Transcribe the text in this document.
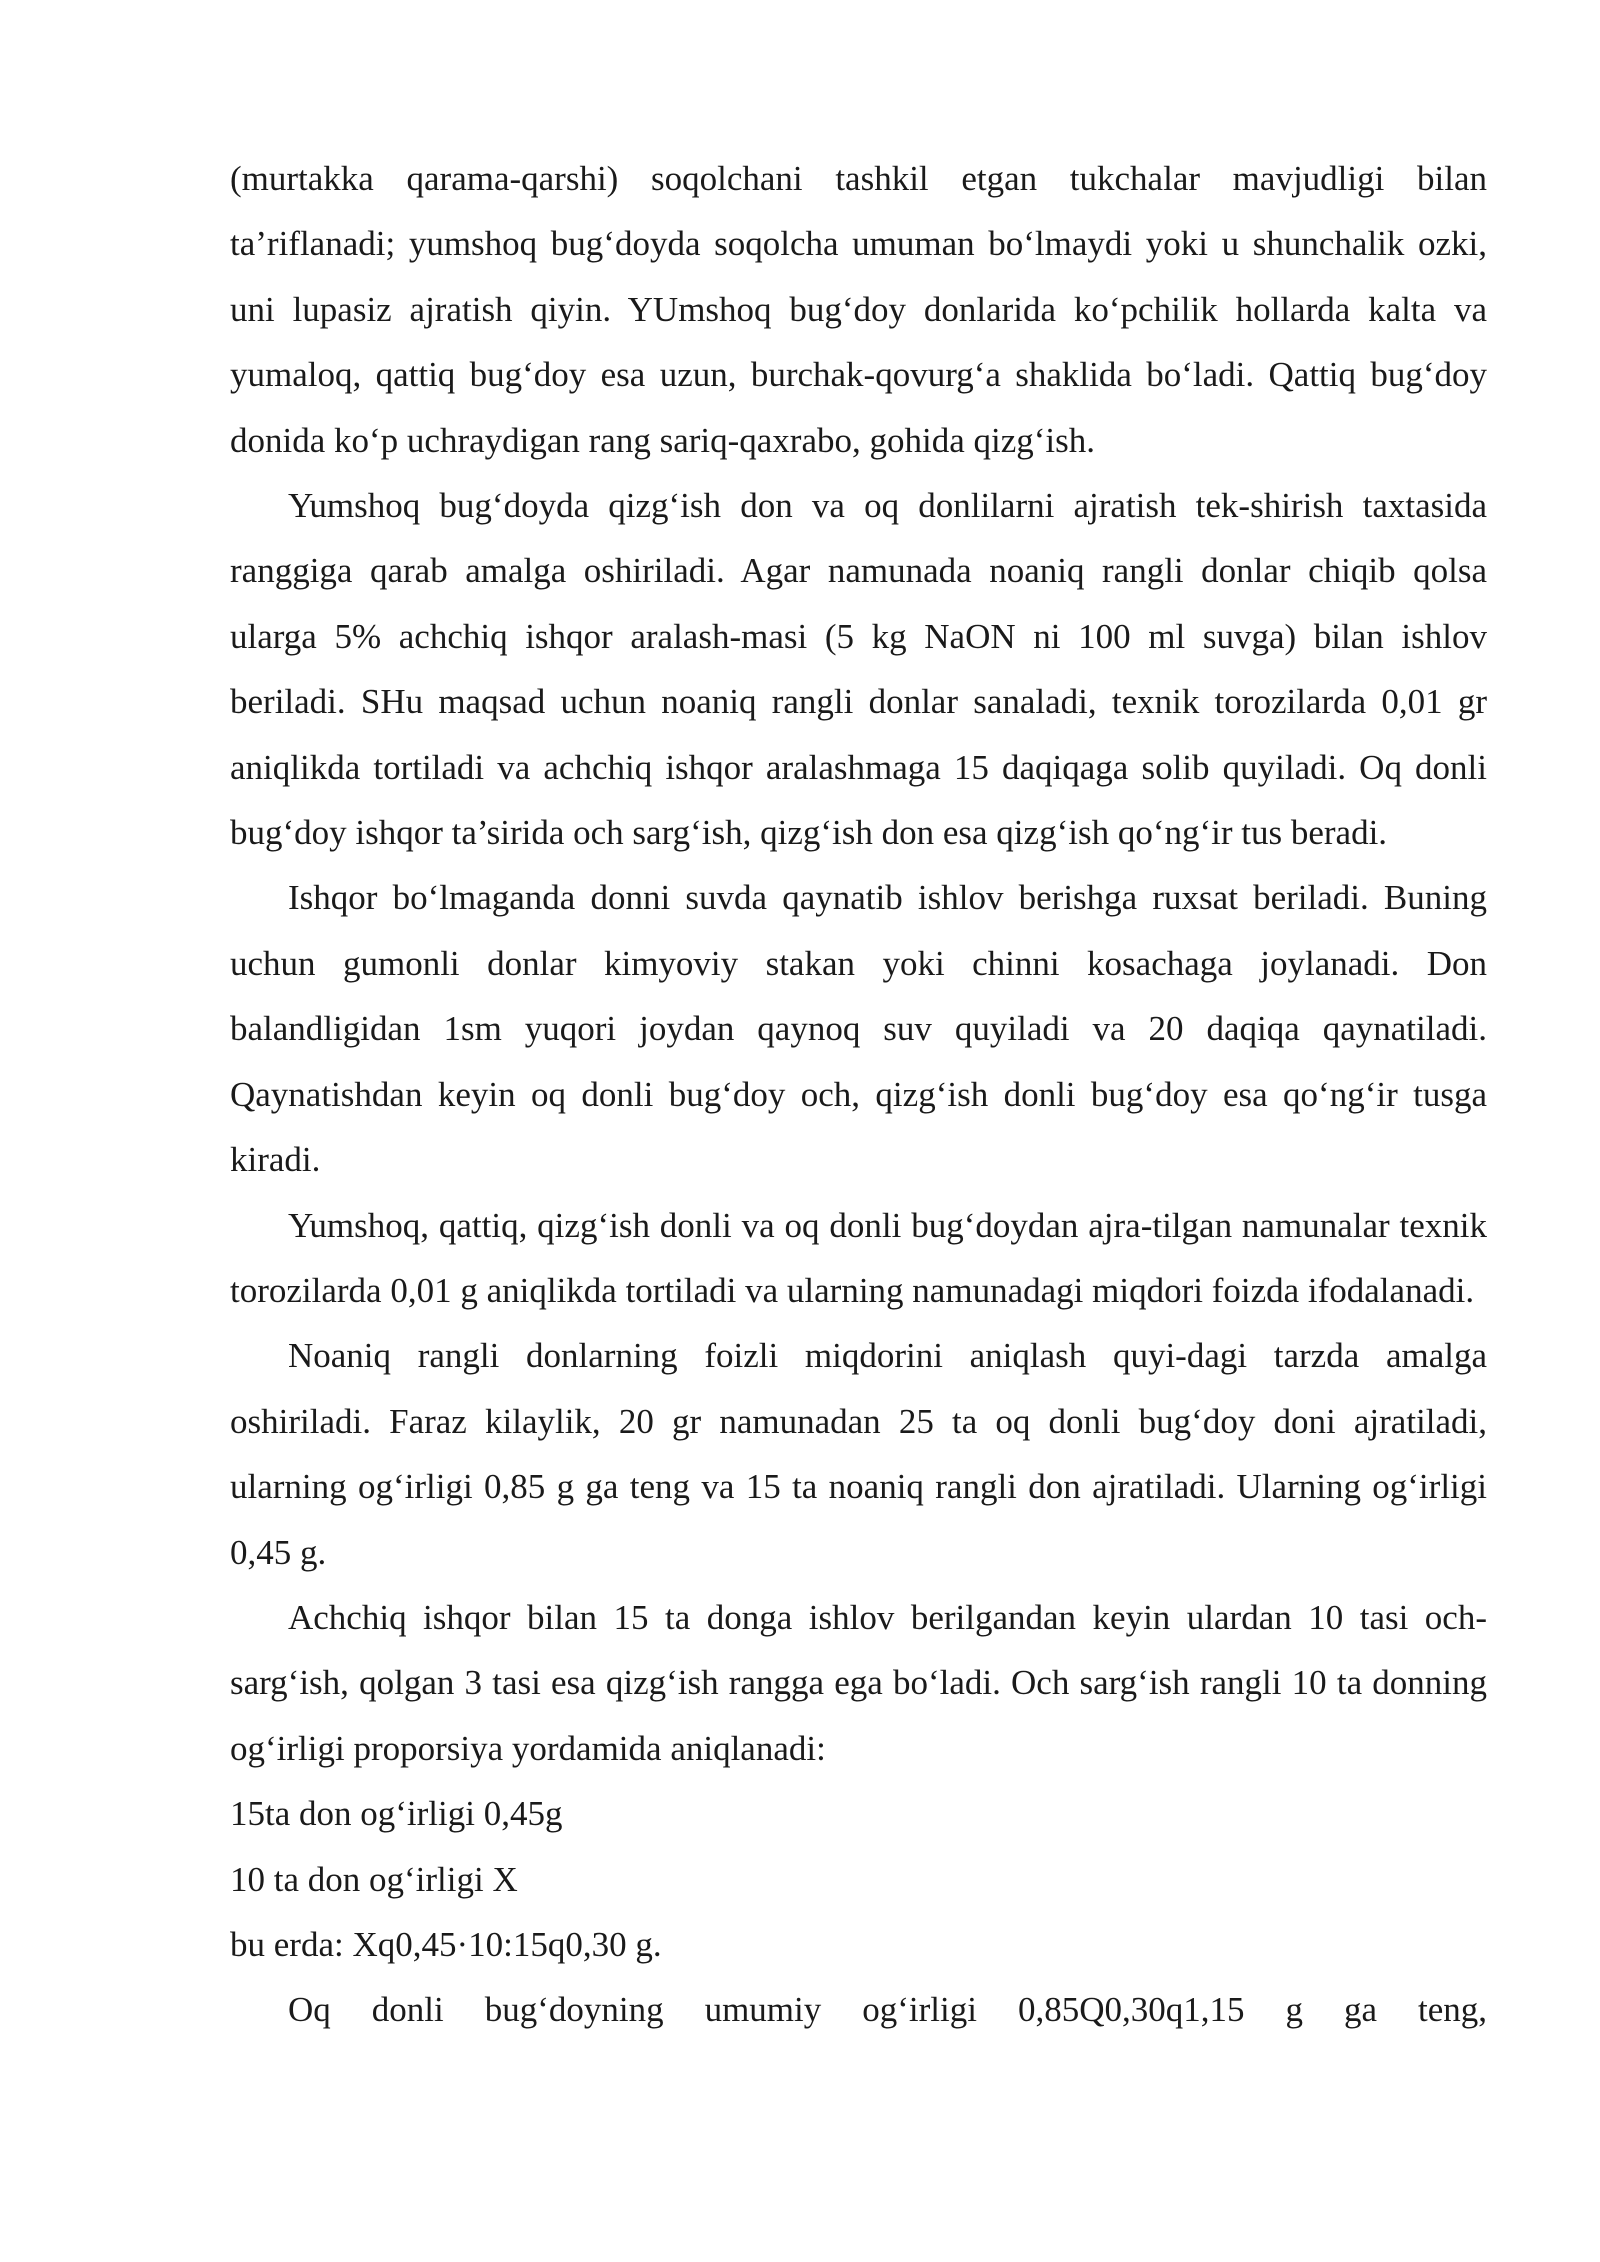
(murtakka qarama-qarshi) soqolchani tashkil etgan tukchalar mavjudligi bilan ta’riflanadi; yumshoq bug‘doyda soqolcha umuman bo‘lmaydi yoki u shunchalik ozki, uni lupasiz ajratish qiyin. YUmshoq bug‘doy donlarida ko‘pchilik hollarda kalta va yumaloq, qattiq bug‘doy esa uzun, burchak-qovurg‘a shaklida bo‘ladi. Qattiq bug‘doy donida ko‘p uchraydigan rang sariq-qaxrabo, gohida qizg‘ish.

Yumshoq bug‘doyda qizg‘ish don va oq donlilarni ajratish tek-shirish taxtasida ranggiga qarab amalga oshiriladi. Agar namunada noaniq rangli donlar chiqib qolsa ularga 5% achchiq ishqor aralash-masi (5 kg NaON ni 100 ml suvga) bilan ishlov beriladi. SHu maqsad uchun noaniq rangli donlar sanaladi, texnik torozilarda 0,01 gr aniqlikda tortiladi va achchiq ishqor aralashmaga 15 daqiqaga solib quyiladi. Oq donli bug‘doy ishqor ta’sirida och sarg‘ish, qizg‘ish don esa qizg‘ish qo‘ng‘ir tus beradi.

Ishqor bo‘lmaganda donni suvda qaynatib ishlov berishga ruxsat beriladi. Buning uchun gumonli donlar kimyoviy stakan yoki chinni kosachaga joylanadi. Don balandligidan 1sm yuqori joydan qaynoq suv quyiladi va 20 daqiqa qaynatiladi. Qaynatishdan keyin oq donli bug‘doy och, qizg‘ish donli bug‘doy esa qo‘ng‘ir tusga kiradi.

Yumshoq, qattiq, qizg‘ish donli va oq donli bug‘doydan ajra-tilgan namunalar texnik torozilarda 0,01 g aniqlikda tortiladi va ularning namunadagi miqdori foizda ifodalanadi.

Noaniq rangli donlarning foizli miqdorini aniqlash quyi-dagi tarzda amalga oshiriladi. Faraz kilaylik, 20 gr namunadan 25 ta oq donli bug‘doy doni ajratiladi, ularning og‘irligi 0,85 g ga teng va 15 ta noaniq rangli don ajratiladi. Ularning og‘irligi 0,45 g.

Achchiq ishqor bilan 15 ta donga ishlov berilgandan keyin ulardan 10 tasi och-sarg‘ish, qolgan 3 tasi esa qizg‘ish rangga ega bo‘ladi. Och sarg‘ish rangli 10 ta donning og‘irligi proporsiya yordamida aniqlanadi:

15ta don og‘irligi 0,45g

10 ta don og‘irligi X

bu erda: Xq0,45·10:15q0,30 g.

Oq donli bug‘doyning umumiy og‘irligi 0,85Q0,30q1,15 g ga teng,
